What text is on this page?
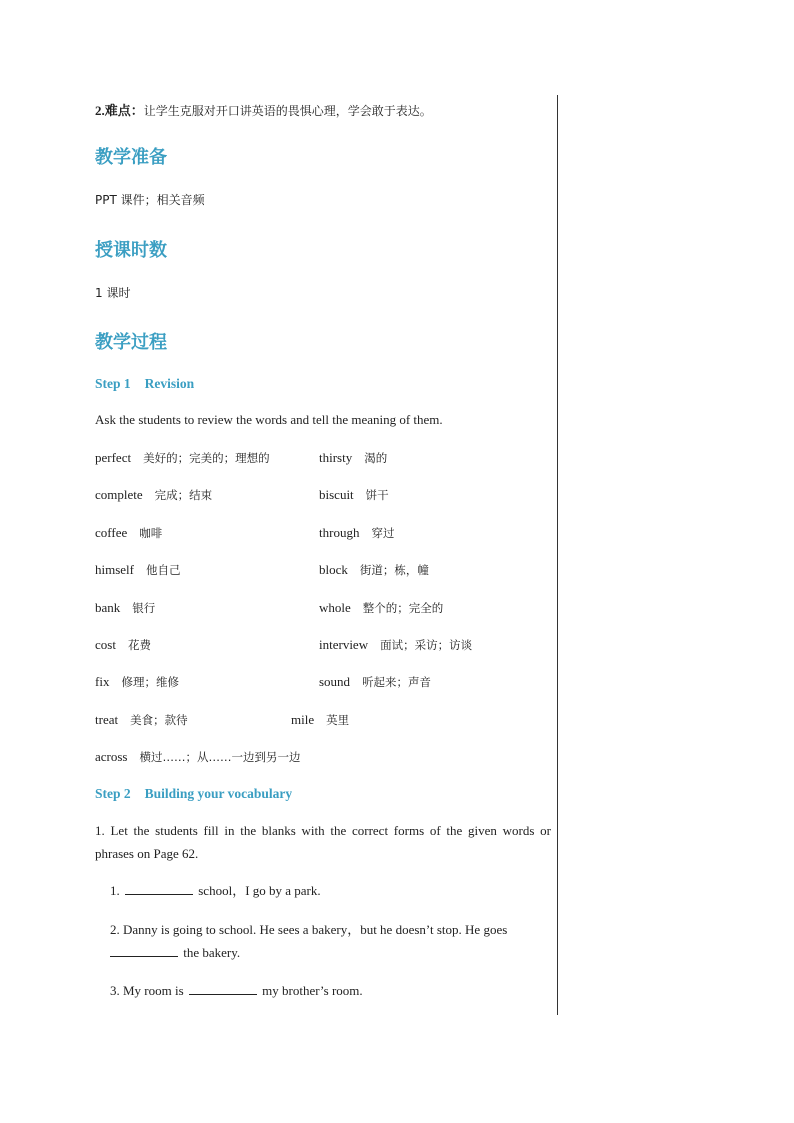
2.难点：让学生克服对开口讲英语的畏惧心理，学会敢于表达。
教学准备
PPT 课件；相关音频
授课时数
1 课时
教学过程
Step 1 Revision
Ask the students to review the words and tell the meaning of them.
perfect 美好的；完美的；理想的	thirsty 渴的
complete 完成；结束	biscuit 饼干
coffee 咖啡	through 穿过
himself 他自己	block 街道；栋，幢
bank 银行	whole 整个的；完全的
cost 花费	interview 面试；采访；访谈
fix 修理；维修	sound 听起来；声音
treat 美食；款待	mile 英里
across 横过……；从……一边到另一边
Step 2 Building your vocabulary
1. Let the students fill in the blanks with the correct forms of the given words or phrases on Page 62.
1.	school，I go by a park.
2. Danny is going to school. He sees a bakery，but he doesn’t stop. He goes
the bakery.
3. My room is	my brother’s room.
